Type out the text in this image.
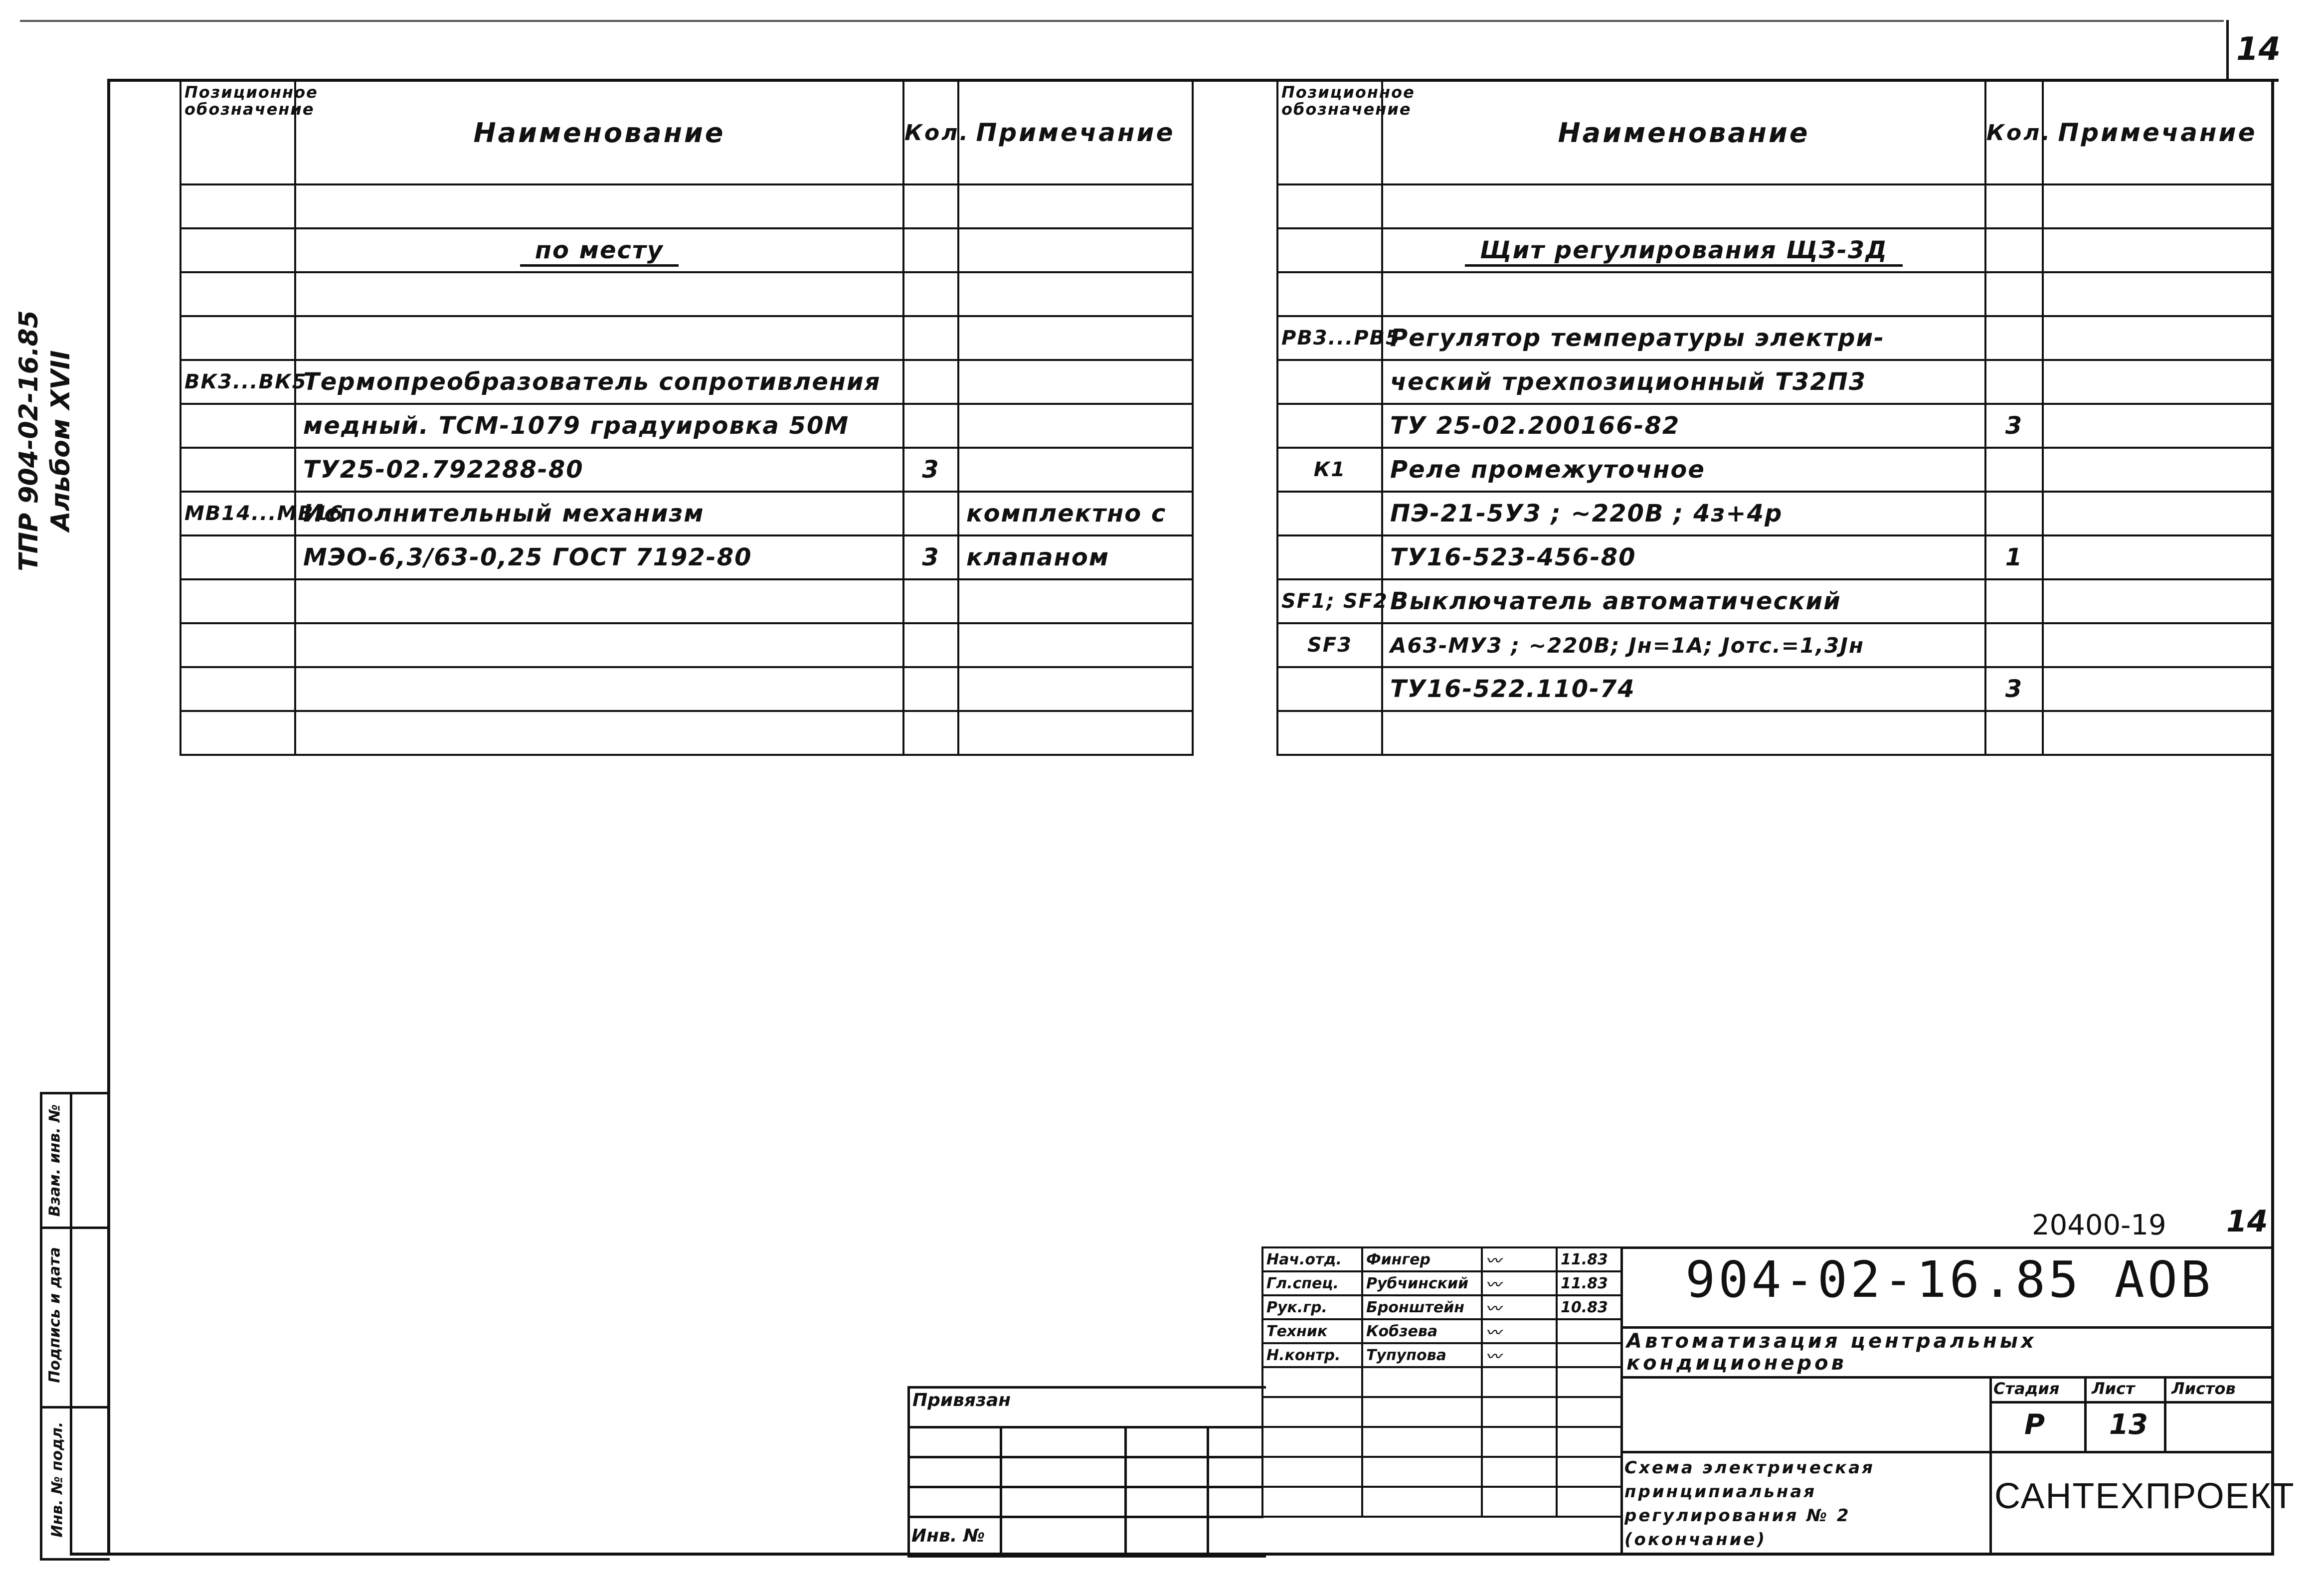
14
ТПР 904-02-16.85 Альбом XVII
Инв. № подл.
Подпись и дата
Взам. инв. №
Позиционное обозначение	Наименование	Кол.	Примечание

	по месту		

ВК3...ВК5	Термопреобразователь сопротивления		
	медный. ТСМ-1079 градуировка 50М		
	ТУ25-02.792288-80	3	
МВ14...МВ16	Исполнительный механизм		комплектно с
	МЭО-6,3/63-0,25 ГОСТ 7192-80	3	клапаном

Позиционное обозначение	Наименование	Кол.	Примечание

	Щит регулирования ЩЗ-3Д		

РВ3...РВ5	Регулятор температуры электри-		
	ческий трехпозиционный Т32П3		
	ТУ 25-02.200166-82	3	
К1	Реле промежуточное		
	ПЭ-21-5У3 ; ~220В ; 4з+4р		
	ТУ16-523-456-80	1	
SF1; SF2	Выключатель автоматический		
SF3	А63-МУ3 ; ~220В; Jн=1А; Jотс.=1,3Jн		
	ТУ16-522.110-74	3	

20400-19 14
Нач.отд.	Фингер	〰	11.83
Гл.спец.	Рубчинский	〰	11.83
Рук.гр.	Бронштейн	〰	10.83
Техник	Кобзева	〰	
Н.контр.	Тупупова	〰	

Привязан
Инв. №
904-02-16.85 АОВ
Автоматизация центральных кондиционеров
Стадия Лист Листов
Р 13
Схема электрическая принципиальная регулирования № 2 (окончание)
САНТЕХПРОЕКТ
